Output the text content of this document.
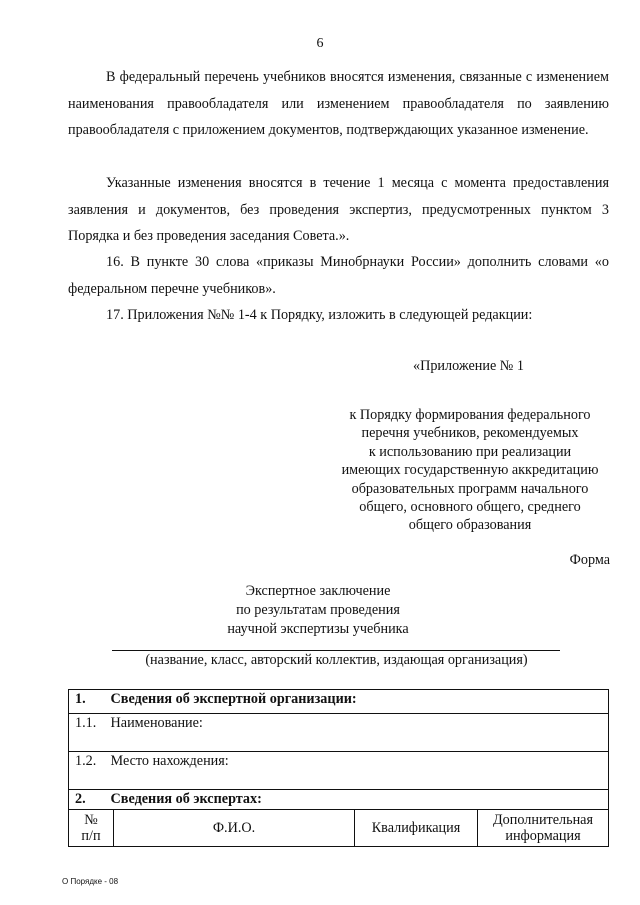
6

В федеральный перечень учебников вносятся изменения, связанные с изменением наименования правообладателя или изменением правообладателя по заявлению правообладателя с приложением документов, подтверждающих указанное изменение.

Указанные изменения вносятся в течение 1 месяца с момента предоставления заявления и документов, без проведения экспертиз, предусмотренных пунктом 3 Порядка и без проведения заседания Совета.».

16. В пункте 30 слова «приказы Минобрнауки России» дополнить словами «о федеральном перечне учебников».

17. Приложения №№ 1-4 к Порядку, изложить в следующей редакции:

«Приложение № 1
к Порядку формирования федерального
перечня учебников, рекомендуемых
к использованию при реализации
имеющих государственную аккредитацию
образовательных программ начального
общего, основного общего, среднего
общего образования
Форма
Экспертное заключение
по результатам проведения
научной экспертизы учебника
(название, класс, авторский коллектив, издающая организация)
1. Сведения об экспертной организации:
1.1. Наименование:
1.2. Место нахождения:
2. Сведения об экспертах:

№
п/п	Ф.И.О.	Квалификация	Дополнительная
информация
О Порядке - 08
